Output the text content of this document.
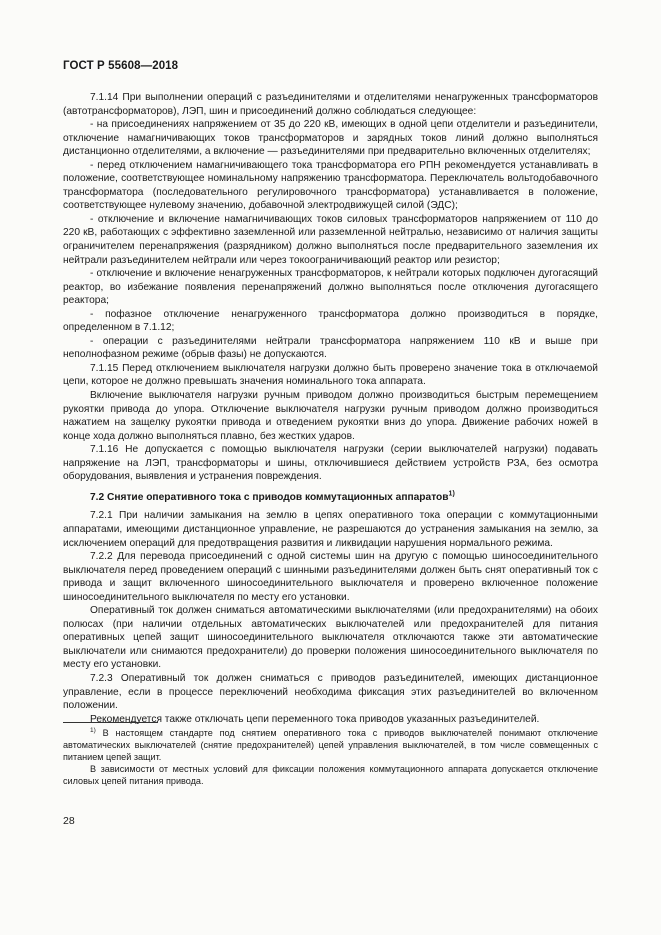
ГОСТ Р 55608—2018

7.1.14 При выполнении операций с разъединителями и отделителями ненагруженных трансформаторов (автотрансформаторов), ЛЭП, шин и присоединений должно соблюдаться следующее:

- на присоединениях напряжением от 35 до 220 кВ, имеющих в одной цепи отделители и разъединители, отключение намагничивающих токов трансформаторов и зарядных токов линий должно выполняться дистанционно отделителями, а включение — разъединителями при предварительно включенных отделителях;

- перед отключением намагничивающего тока трансформатора его РПН рекомендуется устанавливать в положение, соответствующее номинальному напряжению трансформатора. Переключатель вольтодобавочного трансформатора (последовательного регулировочного трансформатора) устанавливается в положение, соответствующее нулевому значению, добавочной электродвижущей силой (ЭДС);

- отключение и включение намагничивающих токов силовых трансформаторов напряжением от 110 до 220 кВ, работающих с эффективно заземленной или разземленной нейтралью, независимо от наличия защиты ограничителем перенапряжения (разрядником) должно выполняться после предварительного заземления их нейтрали разъединителем нейтрали или через токоограничивающий реактор или резистор;

- отключение и включение ненагруженных трансформаторов, к нейтрали которых подключен дугогасящий реактор, во избежание появления перенапряжений должно выполняться после отключения дугогасящего реактора;

- пофазное отключение ненагруженного трансформатора должно производиться в порядке, определенном в 7.1.12;

- операции с разъединителями нейтрали трансформатора напряжением 110 кВ и выше при неполнофазном режиме (обрыв фазы) не допускаются.

7.1.15 Перед отключением выключателя нагрузки должно быть проверено значение тока в отключаемой цепи, которое не должно превышать значения номинального тока аппарата.

Включение выключателя нагрузки ручным приводом должно производиться быстрым перемещением рукоятки привода до упора. Отключение выключателя нагрузки ручным приводом должно производиться нажатием на защелку рукоятки привода и отведением рукоятки вниз до упора. Движение рабочих ножей в конце хода должно выполняться плавно, без жестких ударов.

7.1.16 Не допускается с помощью выключателя нагрузки (серии выключателей нагрузки) подавать напряжение на ЛЭП, трансформаторы и шины, отключившиеся действием устройств РЗА, без осмотра оборудования, выявления и устранения повреждения.

7.2 Снятие оперативного тока с приводов коммутационных аппаратов$^{1)}$

7.2.1 При наличии замыкания на землю в цепях оперативного тока операции с коммутационными аппаратами, имеющими дистанционное управление, не разрешаются до устранения замыкания на землю, за исключением операций для предотвращения развития и ликвидации нарушения нормального режима.

7.2.2 Для перевода присоединений с одной системы шин на другую с помощью шиносоединительного выключателя перед проведением операций с шинными разъединителями должен быть снят оперативный ток с привода и защит включенного шиносоединительного выключателя и проверено включенное положение шиносоединительного выключателя по месту его установки.

Оперативный ток должен сниматься автоматическими выключателями (или предохранителями) на обоих полюсах (при наличии отдельных автоматических выключателей или предохранителей для питания оперативных цепей защит шиносоединительного выключателя отключаются также эти автоматические выключатели или снимаются предохранители) до проверки положения шиносоединительного выключателя по месту его установки.

7.2.3 Оперативный ток должен сниматься с приводов разъединителей, имеющих дистанционное управление, если в процессе переключений необходима фиксация этих разъединителей во включенном положении.

Рекомендуется также отключать цепи переменного тока приводов указанных разъединителей.

$^{1)}$ В настоящем стандарте под снятием оперативного тока с приводов выключателей понимают отключение автоматических выключателей (снятие предохранителей) цепей управления выключателей, в том числе совмещенных с питанием цепей защит.

В зависимости от местных условий для фиксации положения коммутационного аппарата допускается отключение силовых цепей питания привода.

28
